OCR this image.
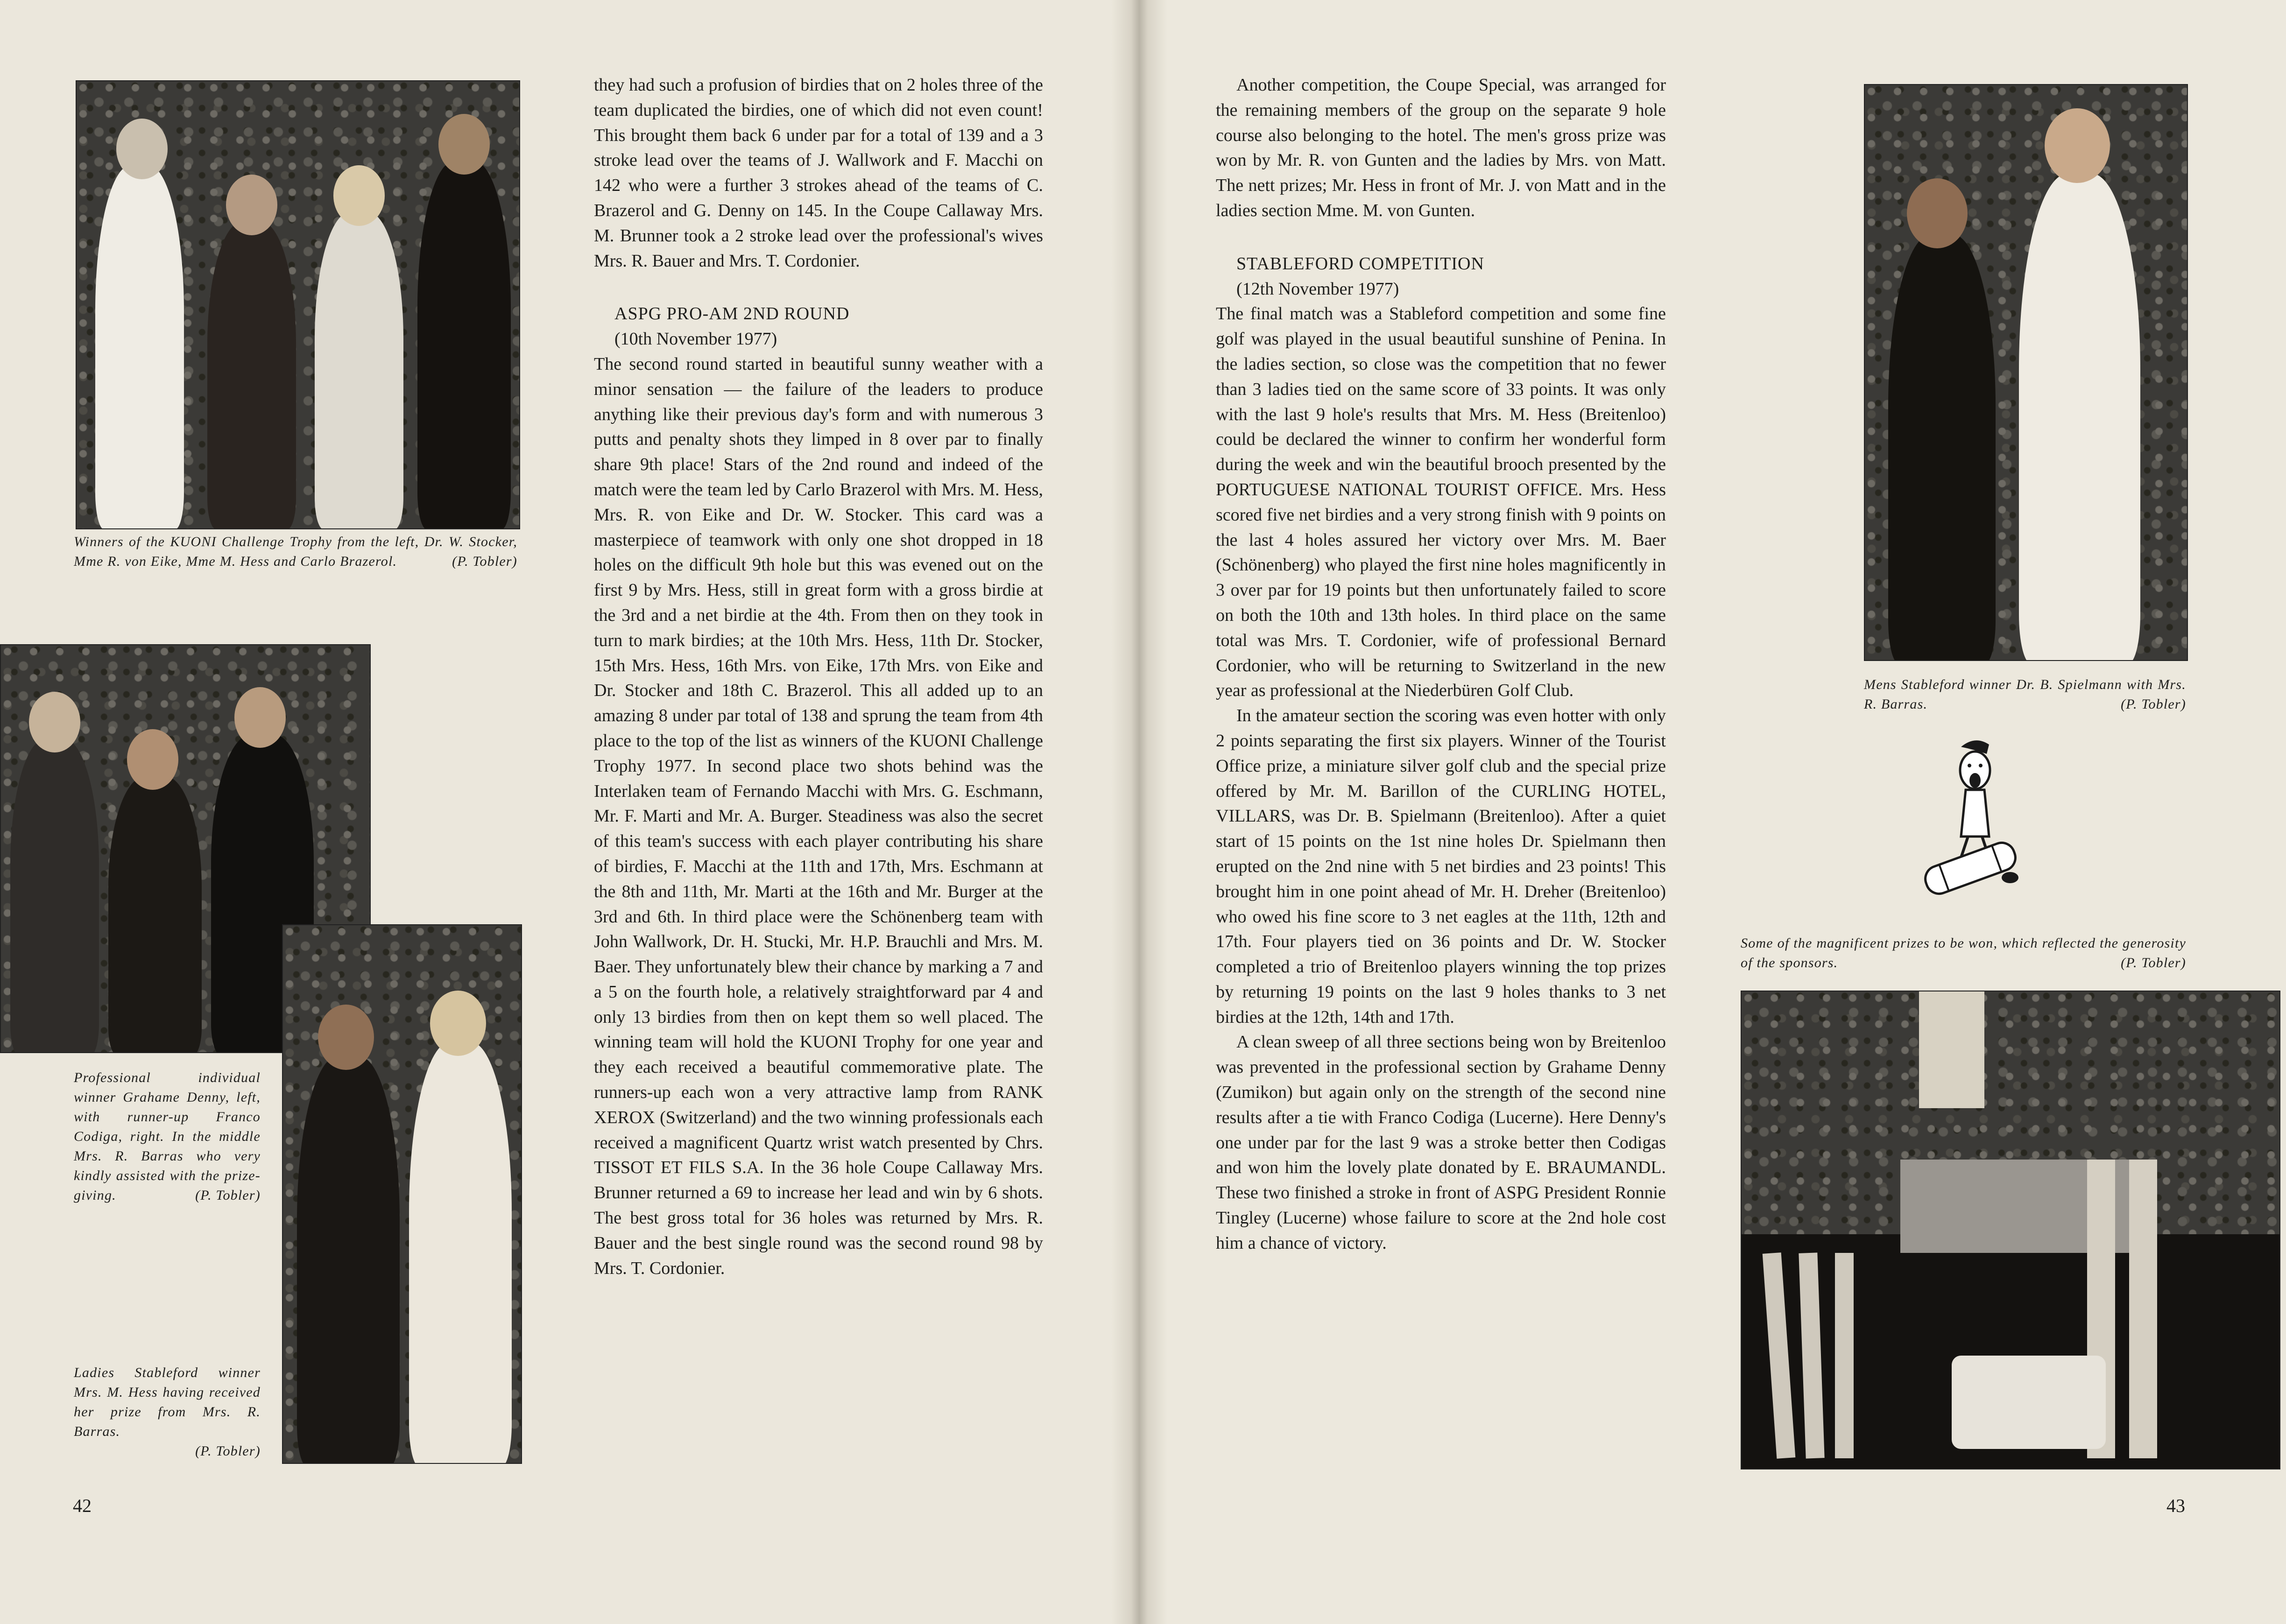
Winners of the KUONI Challenge Trophy from the left, Dr. W. Stocker, Mme R. von Eike, Mme M. Hess and Carlo Brazerol.	(P. Tobler)
Professional individual winner Grahame Denny, left, with runner-up Franco Codiga, right. In the middle Mrs. R. Barras who very kindly assisted with the prize-giving.	(P. Tobler)
Ladies Stableford winner Mrs. M. Hess having received her prize from Mrs. R. Barras.
(P. Tobler)

they had such a profusion of birdies that on 2 holes three of the team duplicated the birdies, one of which did not even count! This brought them back 6 under par for a total of 139 and a 3 stroke lead over the teams of J. Wallwork and F. Macchi on 142 who were a further 3 strokes ahead of the teams of C. Brazerol and G. Denny on 145. In the Coupe Callaway Mrs. M. Brunner took a 2 stroke lead over the professional's wives Mrs. R. Bauer and Mrs. T. Cordonier.

ASPG PRO-AM 2ND ROUND

(10th November 1977)

The second round started in beautiful sunny weather with a minor sensation — the failure of the leaders to produce anything like their previous day's form and with numerous 3 putts and penalty shots they limped in 8 over par to finally share 9th place! Stars of the 2nd round and indeed of the match were the team led by Carlo Brazerol with Mrs. M. Hess, Mrs. R. von Eike and Dr. W. Stocker. This card was a masterpiece of teamwork with only one shot dropped in 18 holes on the difficult 9th hole but this was evened out on the first 9 by Mrs. Hess, still in great form with a gross birdie at the 3rd and a net birdie at the 4th. From then on they took in turn to mark birdies; at the 10th Mrs. Hess, 11th Dr. Stocker, 15th Mrs. Hess, 16th Mrs. von Eike, 17th Mrs. von Eike and Dr. Stocker and 18th C. Brazerol. This all added up to an amazing 8 under par total of 138 and sprung the team from 4th place to the top of the list as winners of the KUONI Challenge Trophy 1977. In second place two shots behind was the Interlaken team of Fernando Macchi with Mrs. G. Eschmann, Mr. F. Marti and Mr. A. Burger. Steadiness was also the secret of this team's success with each player contributing his share of birdies, F. Macchi at the 11th and 17th, Mrs. Eschmann at the 8th and 11th, Mr. Marti at the 16th and Mr. Burger at the 3rd and 6th. In third place were the Schönenberg team with John Wallwork, Dr. H. Stucki, Mr. H.P. Brauchli and Mrs. M. Baer. They unfortunately blew their chance by marking a 7 and a 5 on the fourth hole, a relatively straightforward par 4 and only 13 birdies from then on kept them so well placed. The winning team will hold the KUONI Trophy for one year and they each received a beautiful commemorative plate. The runners-up each won a very attractive lamp from RANK XEROX (Switzerland) and the two winning professionals each received a magnificent Quartz wrist watch presented by Chrs. TISSOT ET FILS S.A. In the 36 hole Coupe Callaway Mrs. Brunner returned a 69 to increase her lead and win by 6 shots. The best gross total for 36 holes was returned by Mrs. R. Bauer and the best single round was the second round 98 by Mrs. T. Cordonier.

42

Another competition, the Coupe Special, was arranged for the remaining members of the group on the separate 9 hole course also belonging to the hotel. The men's gross prize was won by Mr. R. von Gunten and the ladies by Mrs. von Matt. The nett prizes; Mr. Hess in front of Mr. J. von Matt and in the ladies section Mme. M. von Gunten.

STABLEFORD COMPETITION

(12th November 1977)

The final match was a Stableford competition and some fine golf was played in the usual beautiful sunshine of Penina. In the ladies section, so close was the competition that no fewer than 3 ladies tied on the same score of 33 points. It was only with the last 9 hole's results that Mrs. M. Hess (Breitenloo) could be declared the winner to confirm her wonderful form during the week and win the beautiful brooch presented by the PORTUGUESE NATIONAL TOURIST OFFICE. Mrs. Hess scored five net birdies and a very strong finish with 9 points on the last 4 holes assured her victory over Mrs. M. Baer (Schönenberg) who played the first nine holes magnificently in 3 over par for 19 points but then unfortunately failed to score on both the 10th and 13th holes. In third place on the same total was Mrs. T. Cordonier, wife of professional Bernard Cordonier, who will be returning to Switzerland in the new year as professional at the Niederbüren Golf Club.

In the amateur section the scoring was even hotter with only 2 points separating the first six players. Winner of the Tourist Office prize, a miniature silver golf club and the special prize offered by Mr. M. Barillon of the CURLING HOTEL, VILLARS, was Dr. B. Spielmann (Breitenloo). After a quiet start of 15 points on the 1st nine holes Dr. Spielmann then erupted on the 2nd nine with 5 net birdies and 23 points! This brought him in one point ahead of Mr. H. Dreher (Breitenloo) who owed his fine score to 3 net eagles at the 11th, 12th and 17th. Four players tied on 36 points and Dr. W. Stocker completed a trio of Breitenloo players winning the top prizes by returning 19 points on the last 9 holes thanks to 3 net birdies at the 12th, 14th and 17th.

A clean sweep of all three sections being won by Breitenloo was prevented in the professional section by Grahame Denny (Zumikon) but again only on the strength of the second nine results after a tie with Franco Codiga (Lucerne). Here Denny's one under par for the last 9 was a stroke better then Codigas and won him the lovely plate donated by E. BRAUMANDL. These two finished a stroke in front of ASPG President Ronnie Tingley (Lucerne) whose failure to score at the 2nd hole cost him a chance of victory.

Mens Stableford winner Dr. B. Spielmann with Mrs. R. Barras.	(P. Tobler)
Some of the magnificent prizes to be won, which reflected the generosity of the sponsors.	(P. Tobler)
43
